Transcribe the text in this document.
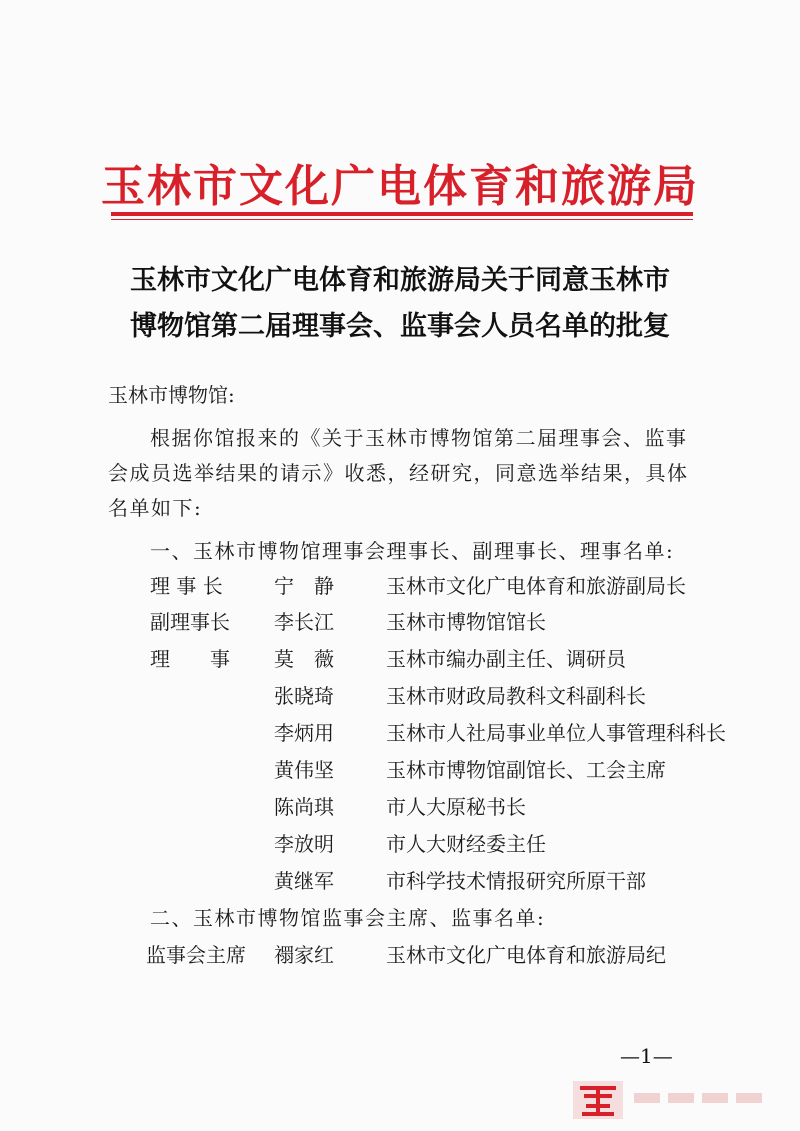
玉林市文化广电体育和旅游局
玉林市文化广电体育和旅游局关于同意玉林市
博物馆第二届理事会、监事会人员名单的批复
玉林市博物馆:
根据你馆报来的《关于玉林市博物馆第二届理事会、监事
会成员选举结果的请示》收悉，经研究，同意选举结果，具体
名单如下:
一、玉林市博物馆理事会理事长、副理事长、理事名单:
理 事 长	宁　静	玉林市文化广电体育和旅游副局长
副理事长 李长江	玉林市博物馆馆长
理　　事 莫　薇	玉林市编办副主任、调研员
张晓琦	玉林市财政局教科文科副科长
李炳用	玉林市人社局事业单位人事管理科科长
黄伟坚	玉林市博物馆副馆长、工会主席
陈尚琪	市人大原秘书长
李放明	市人大财经委主任
黄继军	市科学技术情报研究所原干部
二、玉林市博物馆监事会主席、监事名单:
监事会主席 禤家红	玉林市文化广电体育和旅游局纪
—1—
